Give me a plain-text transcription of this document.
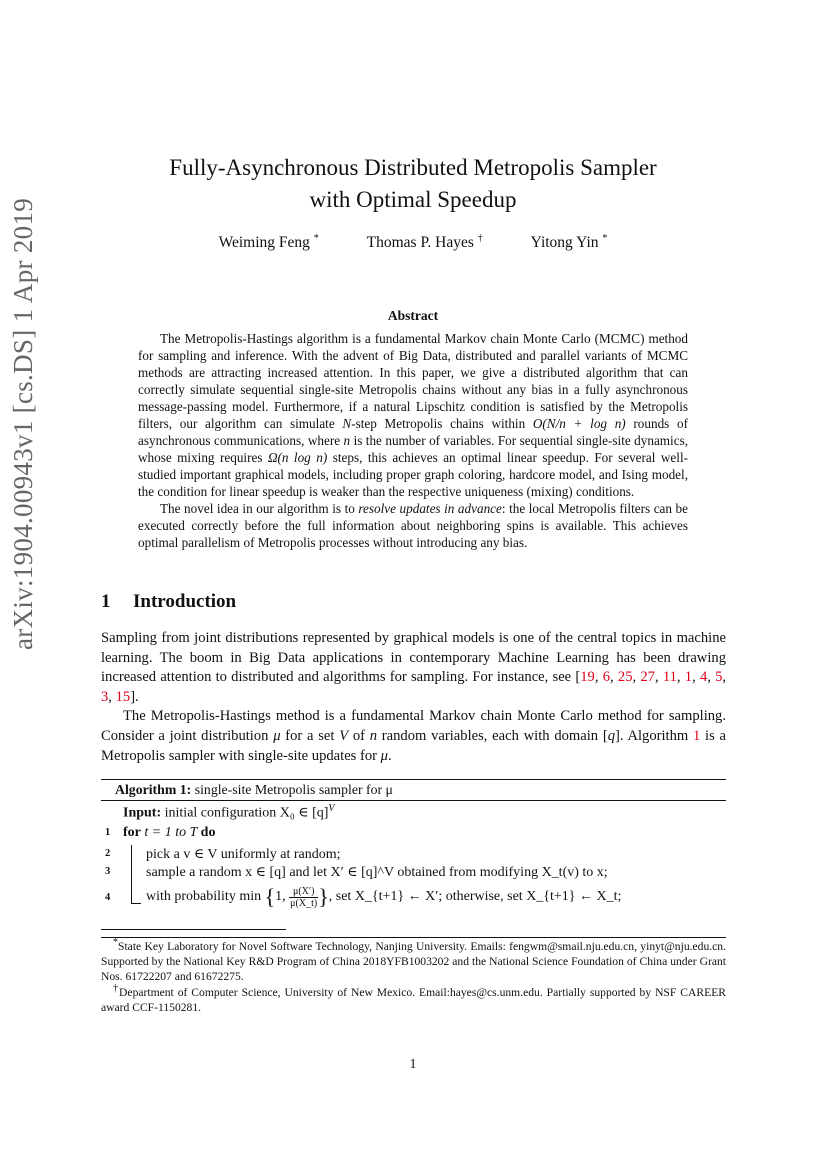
arXiv:1904.00943v1 [cs.DS] 1 Apr 2019
Fully-Asynchronous Distributed Metropolis Sampler
with Optimal Speedup
Weiming Feng *	Thomas P. Hayes †	Yitong Yin *
Abstract

The Metropolis-Hastings algorithm is a fundamental Markov chain Monte Carlo (MCMC) method for sampling and inference. With the advent of Big Data, distributed and parallel variants of MCMC methods are attracting increased attention. In this paper, we give a distributed algorithm that can correctly simulate sequential single-site Metropolis chains without any bias in a fully asynchronous message-passing model. Furthermore, if a natural Lipschitz condition is satisfied by the Metropolis filters, our algorithm can simulate N-step Metropolis chains within O(N/n + log n) rounds of asynchronous communications, where n is the number of variables. For sequential single-site dynamics, whose mixing requires Ω(n log n) steps, this achieves an optimal linear speedup. For several well-studied important graphical models, including proper graph coloring, hardcore model, and Ising model, the condition for linear speedup is weaker than the respective uniqueness (mixing) conditions.

The novel idea in our algorithm is to resolve updates in advance: the local Metropolis filters can be executed correctly before the full information about neighboring spins is available. This achieves optimal parallelism of Metropolis processes without introducing any bias.

1 Introduction

Sampling from joint distributions represented by graphical models is one of the central topics in machine learning. The boom in Big Data applications in contemporary Machine Learning has been drawing increased attention to distributed and algorithms for sampling. For instance, see [19, 6, 25, 27, 11, 1, 4, 5, 3, 15].

The Metropolis-Hastings method is a fundamental Markov chain Monte Carlo method for sampling. Consider a joint distribution μ for a set V of n random variables, each with domain [q]. Algorithm 1 is a Metropolis sampler with single-site updates for μ.

Algorithm 1: single-site Metropolis sampler for μ
Input: initial configuration X₀ ∈ $[q]^V$
1 for t = 1 to T do
2	pick a v ∈ V uniformly at random;
3	sample a random x ∈ [q] and let X′ ∈ [q]^V obtained from modifying X_t(v) to x;
4	with probability min {1, $\frac{\mu(X')}{\mu(X\_t)}$ }, set X_{t+1} ← X′; otherwise, set X_{t+1} ← X_t;

*State Key Laboratory for Novel Software Technology, Nanjing University. Emails: fengwm@smail.nju.edu.cn, yinyt@nju.edu.cn. Supported by the National Key R&D Program of China 2018YFB1003202 and the National Science Foundation of China under Grant Nos. 61722207 and 61672275.

†Department of Computer Science, University of New Mexico. Email:hayes@cs.unm.edu. Partially supported by NSF CAREER award CCF-1150281.

1
